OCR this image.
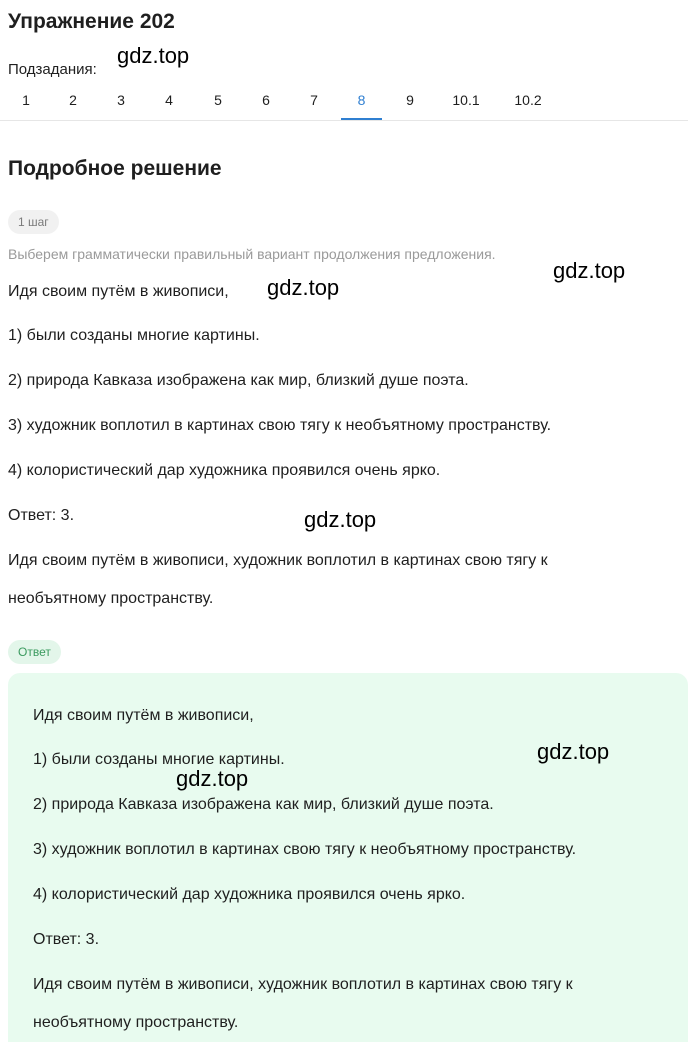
Упражнение 202
Подзадания:
1	2	3	4	5	6	7	8	9	10.1	10.2
Подробное решение
1 шаг
Выберем грамматически правильный вариант продолжения предложения.
Идя своим путём в живописи,
1) были созданы многие картины.
2) природа Кавказа изображена как мир, близкий душе поэта.
3) художник воплотил в картинах свою тягу к необъятному пространству.
4) колористический дар художника проявился очень ярко.
Ответ: 3.
Идя своим путём в живописи, художник воплотил в картинах свою тягу к
необъятному пространству.
Ответ
Идя своим путём в живописи,
1) были созданы многие картины.
2) природа Кавказа изображена как мир, близкий душе поэта.
3) художник воплотил в картинах свою тягу к необъятному пространству.
4) колористический дар художника проявился очень ярко.
Ответ: 3.
Идя своим путём в живописи, художник воплотил в картинах свою тягу к
необъятному пространству.
gdz.top
gdz.top
gdz.top
gdz.top
gdz.top
gdz.top
